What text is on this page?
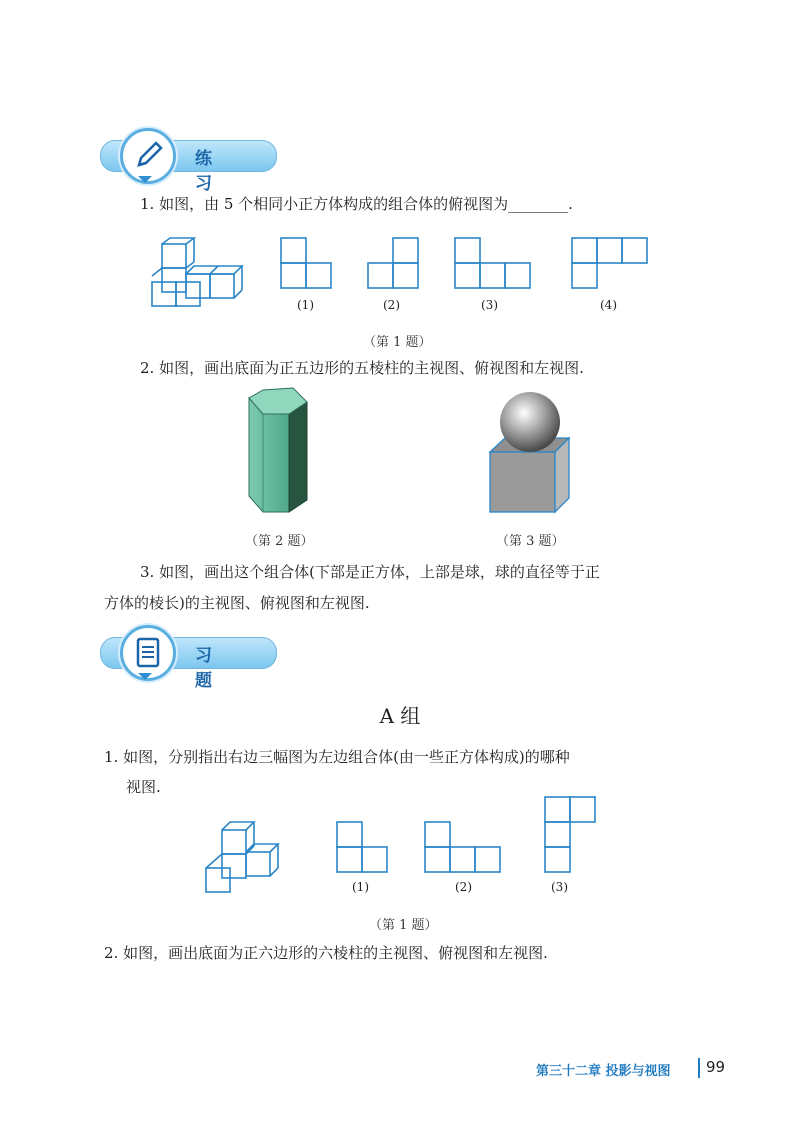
练 习
1. 如图，由 5 个相同小正方体构成的组合体的俯视图为________.
(1)	(2)	(3)	(4)
（第 1 题）
2. 如图，画出底面为正五边形的五棱柱的主视图、俯视图和左视图.
（第 2 题）	（第 3 题）
3. 如图，画出这个组合体(下部是正方体，上部是球，球的直径等于正
方体的棱长)的主视图、俯视图和左视图.
习 题
A 组
1. 如图，分别指出右边三幅图为左边组合体(由一些正方体构成)的哪种
视图.
(1)	(2)	(3)
（第 1 题）
2. 如图，画出底面为正六边形的六棱柱的主视图、俯视图和左视图.
第三十二章 投影与视图 99
